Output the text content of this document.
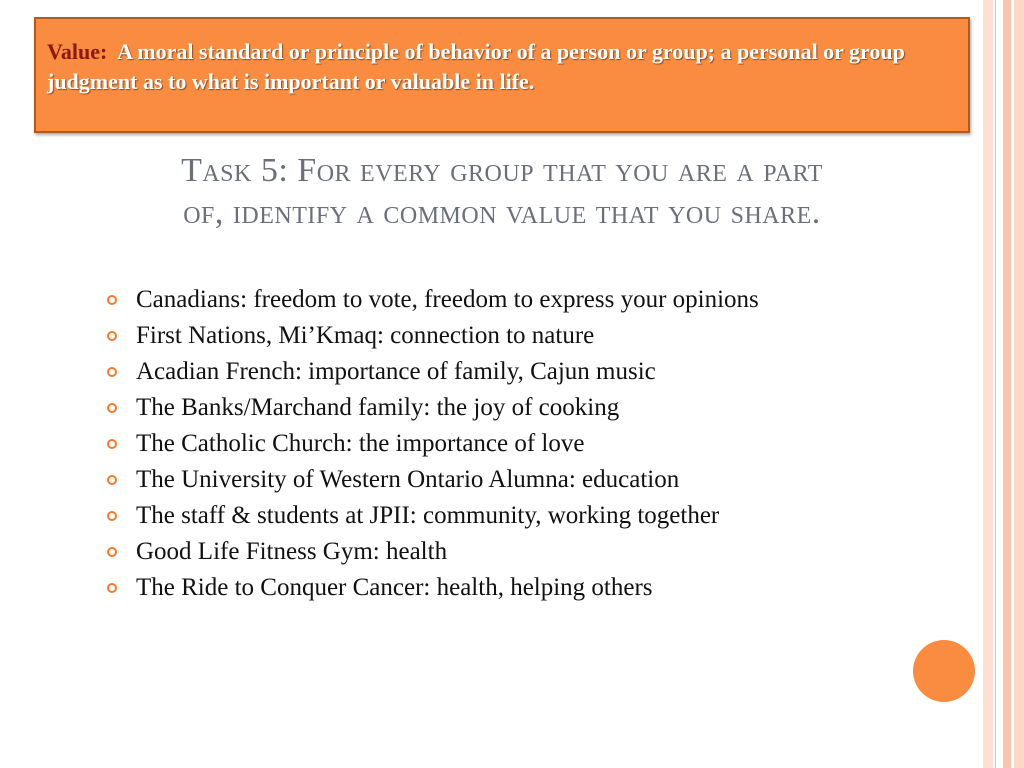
Value: A moral standard or principle of behavior of a person or group; a personal or group judgment as to what is important or valuable in life.
Task 5: For every group that you are a part
of, identify a common value that you share.
Canadians: freedom to vote, freedom to express your opinions
First Nations, Mi’Kmaq: connection to nature
Acadian French: importance of family, Cajun music
The Banks/Marchand family: the joy of cooking
The Catholic Church: the importance of love
The University of Western Ontario Alumna: education
The staff & students at JPII: community, working together
Good Life Fitness Gym: health
The Ride to Conquer Cancer: health, helping others
